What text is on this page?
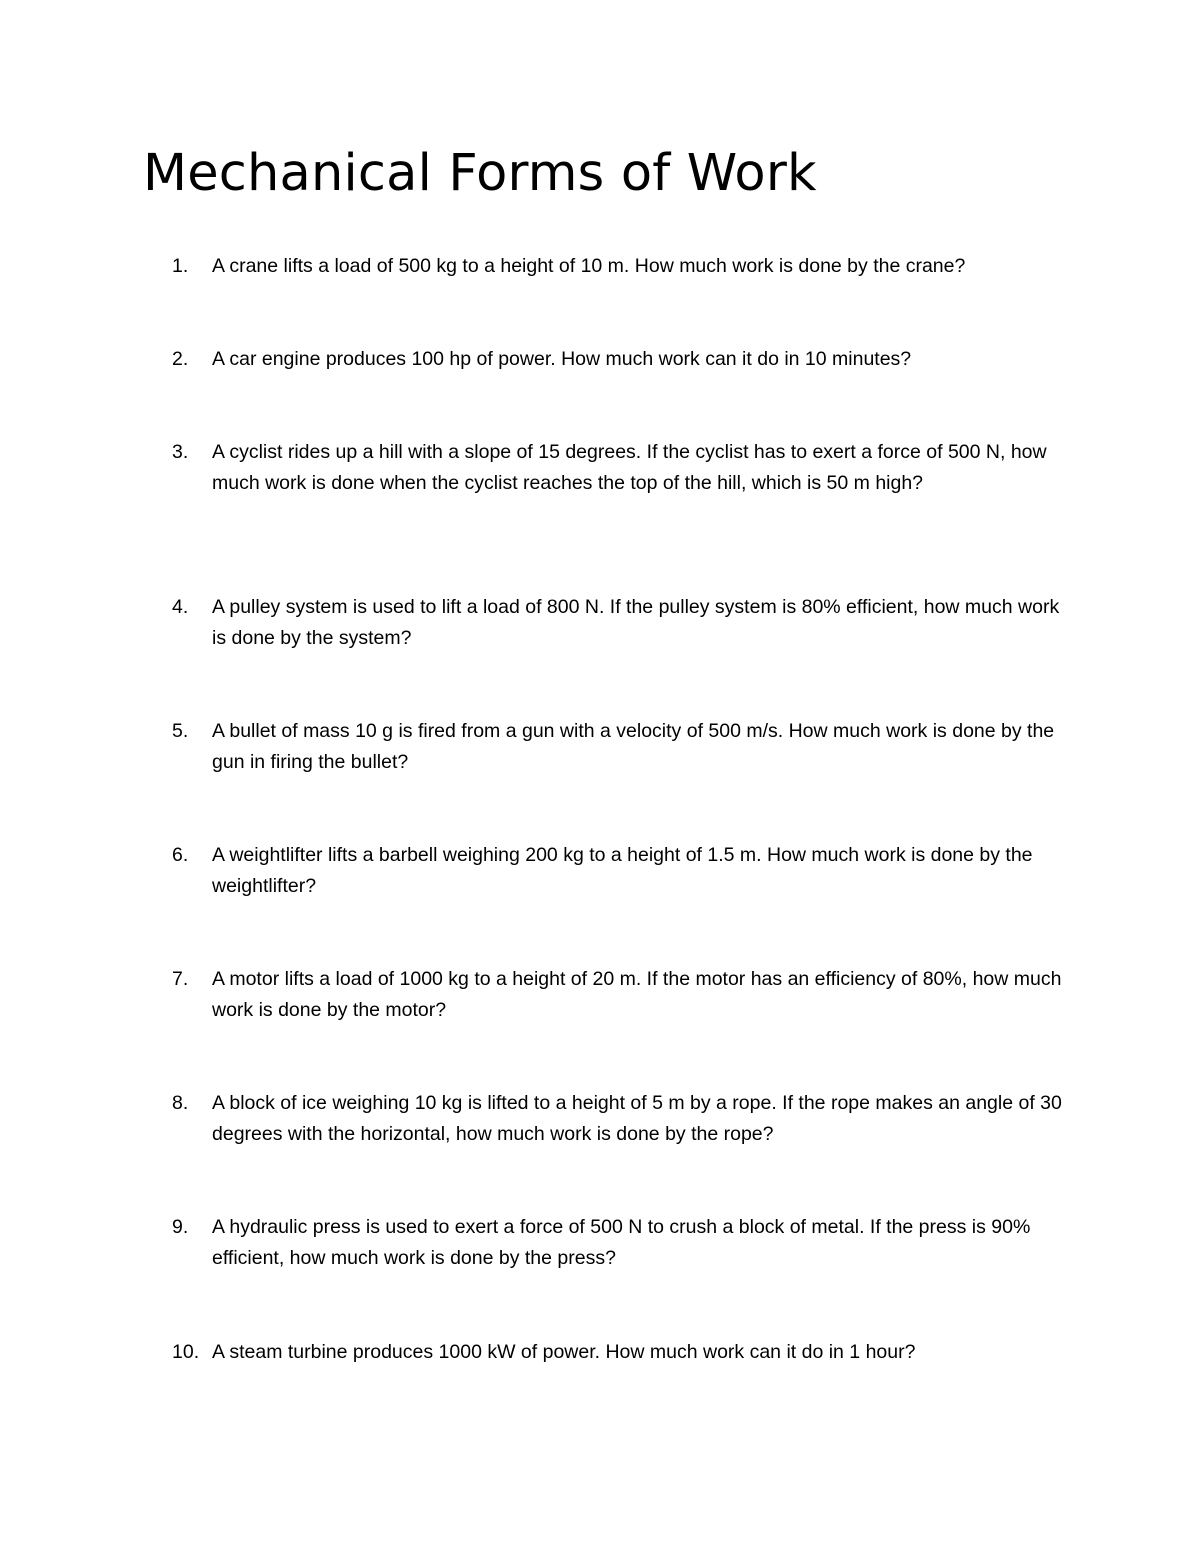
Mechanical Forms of Work
1. A crane lifts a load of 500 kg to a height of 10 m. How much work is done by the crane?
2. A car engine produces 100 hp of power. How much work can it do in 10 minutes?
3. A cyclist rides up a hill with a slope of 15 degrees. If the cyclist has to exert a force of 500 N, how much work is done when the cyclist reaches the top of the hill, which is 50 m high?
4. A pulley system is used to lift a load of 800 N. If the pulley system is 80% efficient, how much work is done by the system?
5. A bullet of mass 10 g is fired from a gun with a velocity of 500 m/s. How much work is done by the gun in firing the bullet?
6. A weightlifter lifts a barbell weighing 200 kg to a height of 1.5 m. How much work is done by the weightlifter?
7. A motor lifts a load of 1000 kg to a height of 20 m. If the motor has an efficiency of 80%, how much work is done by the motor?
8. A block of ice weighing 10 kg is lifted to a height of 5 m by a rope. If the rope makes an angle of 30 degrees with the horizontal, how much work is done by the rope?
9. A hydraulic press is used to exert a force of 500 N to crush a block of metal. If the press is 90% efficient, how much work is done by the press?
10. A steam turbine produces 1000 kW of power. How much work can it do in 1 hour?
